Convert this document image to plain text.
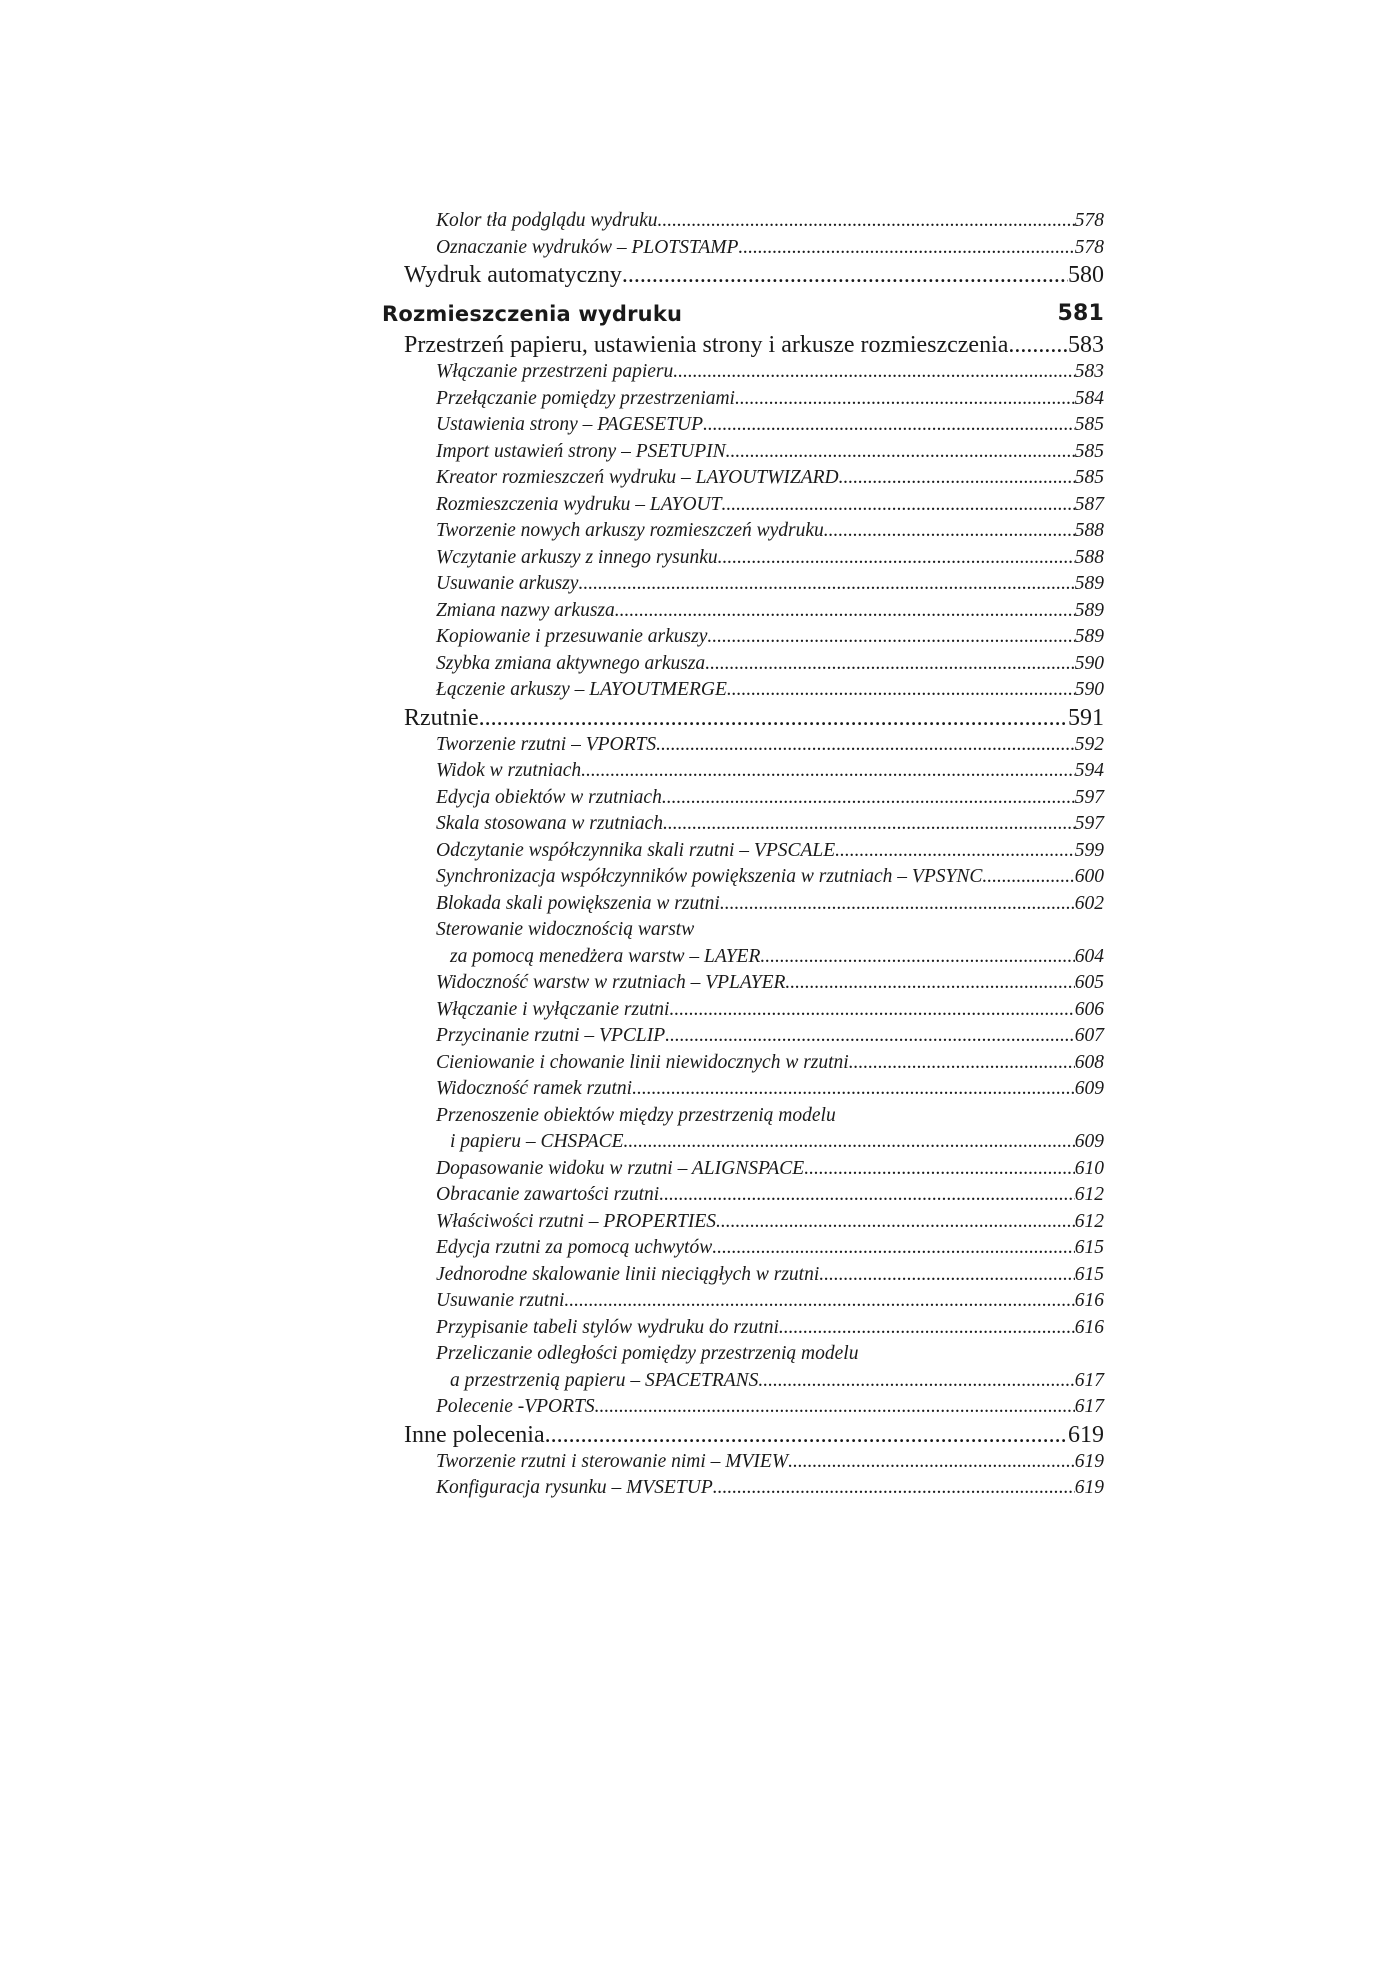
Kolor tła podglądu wydruku .....	578
Oznaczanie wydruków – PLOTSTAMP .....	578
Wydruk automatyczny .....	580
Rozmieszczenia wydruku	581
Przestrzeń papieru, ustawienia strony i arkusze rozmieszczenia ..... 583
Włączanie przestrzeni papieru .....	583
Przełączanie pomiędzy przestrzeniami .....	584
Ustawienia strony – PAGESETUP .....	585
Import ustawień strony – PSETUPIN .....	585
Kreator rozmieszczeń wydruku – LAYOUTWIZARD .....	585
Rozmieszczenia wydruku – LAYOUT .....	587
Tworzenie nowych arkuszy rozmieszczeń wydruku .....	588
Wczytanie arkuszy z innego rysunku .....	588
Usuwanie arkuszy .....	589
Zmiana nazwy arkusza .....	589
Kopiowanie i przesuwanie arkuszy .....	589
Szybka zmiana aktywnego arkusza .....	590
Łączenie arkuszy – LAYOUTMERGE .....	590
Rzutnie .....	591
Tworzenie rzutni – VPORTS .....	592
Widok w rzutniach .....	594
Edycja obiektów w rzutniach .....	597
Skala stosowana w rzutniach .....	597
Odczytanie współczynnika skali rzutni – VPSCALE .....	599
Synchronizacja współczynników powiększenia w rzutniach – VPSYNC .....	600
Blokada skali powiększenia w rzutni .....	602
Sterowanie widocznością warstw
za pomocą menedżera warstw – LAYER .....	604
Widoczność warstw w rzutniach – VPLAYER .....	605
Włączanie i wyłączanie rzutni .....	606
Przycinanie rzutni – VPCLIP .....	607
Cieniowanie i chowanie linii niewidocznych w rzutni .....	608
Widoczność ramek rzutni .....	609
Przenoszenie obiektów między przestrzenią modelu
i papieru – CHSPACE .....	609
Dopasowanie widoku w rzutni – ALIGNSPACE .....	610
Obracanie zawartości rzutni .....	612
Właściwości rzutni – PROPERTIES .....	612
Edycja rzutni za pomocą uchwytów .....	615
Jednorodne skalowanie linii nieciągłych w rzutni .....	615
Usuwanie rzutni .....	616
Przypisanie tabeli stylów wydruku do rzutni .....	616
Przeliczanie odległości pomiędzy przestrzenią modelu
a przestrzenią papieru – SPACETRANS .....	617
Polecenie -VPORTS .....	617
Inne polecenia .....	619
Tworzenie rzutni i sterowanie nimi – MVIEW .....	619
Konfiguracja rysunku – MVSETUP .....	619
